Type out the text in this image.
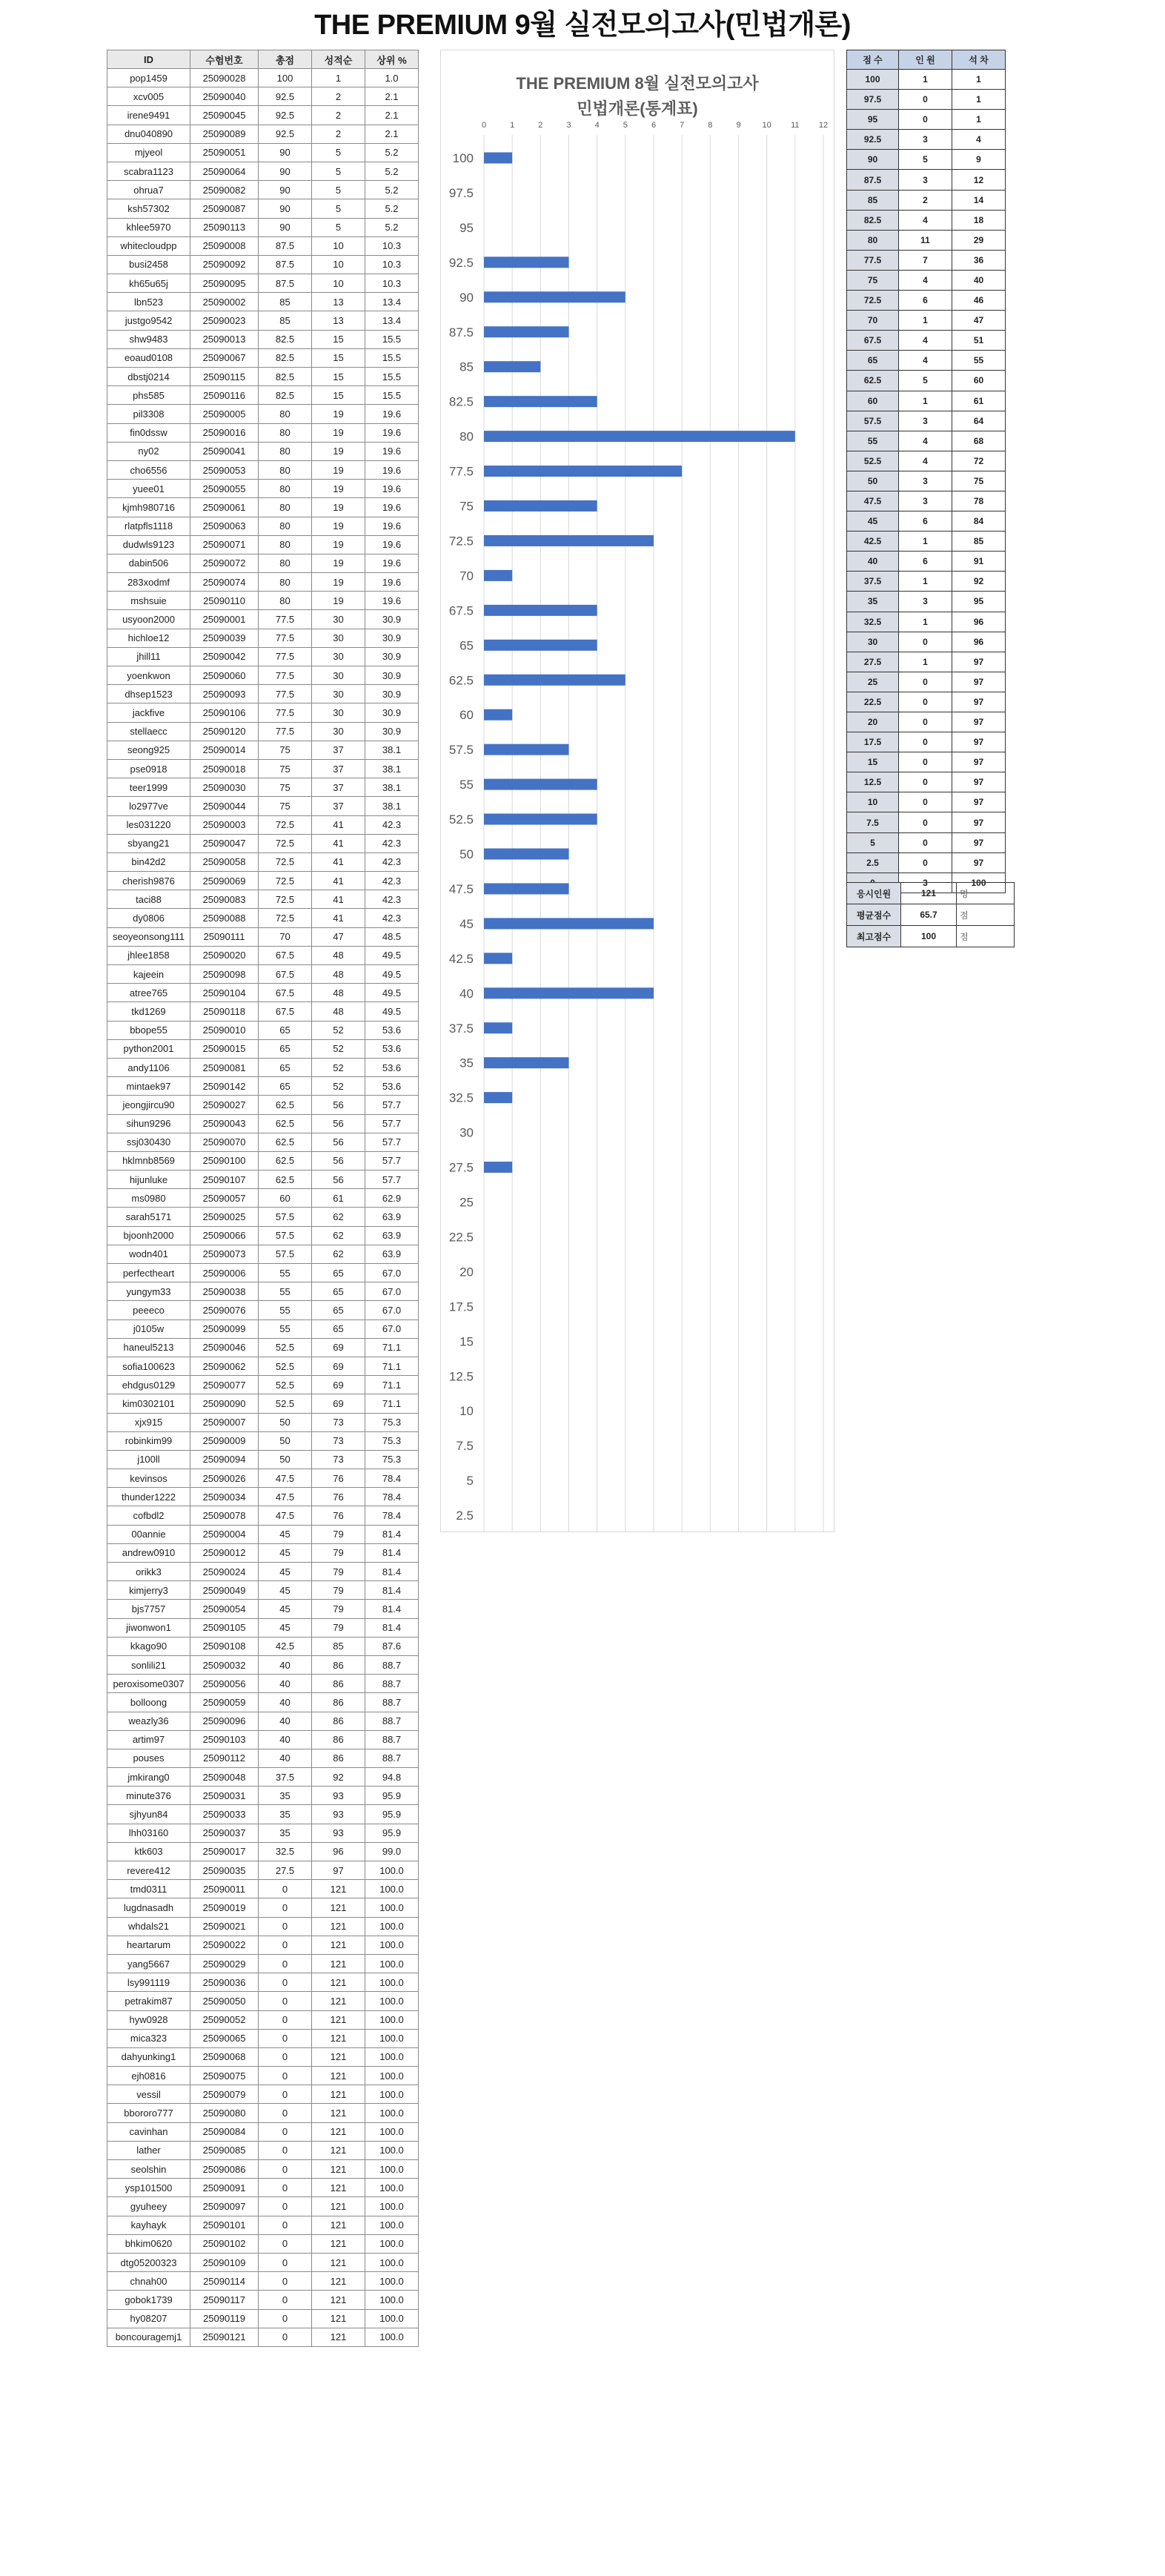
THE PREMIUM 9월 실전모의고사(민법개론)
ID	수험번호	총점	성적순	상위 %
pop1459	25090028	100	1	1.0
xcv005	25090040	92.5	2	2.1
irene9491	25090045	92.5	2	2.1
dnu040890	25090089	92.5	2	2.1
mjyeol	25090051	90	5	5.2
scabra1123	25090064	90	5	5.2
ohrua7	25090082	90	5	5.2
ksh57302	25090087	90	5	5.2
khlee5970	25090113	90	5	5.2
whitecloudpp	25090008	87.5	10	10.3
busi2458	25090092	87.5	10	10.3
kh65u65j	25090095	87.5	10	10.3
lbn523	25090002	85	13	13.4
justgo9542	25090023	85	13	13.4
shw9483	25090013	82.5	15	15.5
eoaud0108	25090067	82.5	15	15.5
dbstj0214	25090115	82.5	15	15.5
phs585	25090116	82.5	15	15.5
pil3308	25090005	80	19	19.6
fin0dssw	25090016	80	19	19.6
ny02	25090041	80	19	19.6
cho6556	25090053	80	19	19.6
yuee01	25090055	80	19	19.6
kjmh980716	25090061	80	19	19.6
rlatpfls1118	25090063	80	19	19.6
dudwls9123	25090071	80	19	19.6
dabin506	25090072	80	19	19.6
283xodmf	25090074	80	19	19.6
mshsuie	25090110	80	19	19.6
usyoon2000	25090001	77.5	30	30.9
hichloe12	25090039	77.5	30	30.9
jhill11	25090042	77.5	30	30.9
yoenkwon	25090060	77.5	30	30.9
dhsep1523	25090093	77.5	30	30.9
jackfive	25090106	77.5	30	30.9
stellaecc	25090120	77.5	30	30.9
seong925	25090014	75	37	38.1
pse0918	25090018	75	37	38.1
teer1999	25090030	75	37	38.1
lo2977ve	25090044	75	37	38.1
les031220	25090003	72.5	41	42.3
sbyang21	25090047	72.5	41	42.3
bin42d2	25090058	72.5	41	42.3
cherish9876	25090069	72.5	41	42.3
taci88	25090083	72.5	41	42.3
dy0806	25090088	72.5	41	42.3
seoyeonsong111	25090111	70	47	48.5
jhlee1858	25090020	67.5	48	49.5
kajeein	25090098	67.5	48	49.5
atree765	25090104	67.5	48	49.5
tkd1269	25090118	67.5	48	49.5
bbope55	25090010	65	52	53.6
python2001	25090015	65	52	53.6
andy1106	25090081	65	52	53.6
mintaek97	25090142	65	52	53.6
jeongjircu90	25090027	62.5	56	57.7
sihun9296	25090043	62.5	56	57.7
ssj030430	25090070	62.5	56	57.7
hklmnb8569	25090100	62.5	56	57.7
hijunluke	25090107	62.5	56	57.7
ms0980	25090057	60	61	62.9
sarah5171	25090025	57.5	62	63.9
bjoonh2000	25090066	57.5	62	63.9
wodn401	25090073	57.5	62	63.9
perfectheart	25090006	55	65	67.0
yungym33	25090038	55	65	67.0
peeeco	25090076	55	65	67.0
j0105w	25090099	55	65	67.0
haneul5213	25090046	52.5	69	71.1
sofia100623	25090062	52.5	69	71.1
ehdgus0129	25090077	52.5	69	71.1
kim0302101	25090090	52.5	69	71.1
xjx915	25090007	50	73	75.3
robinkim99	25090009	50	73	75.3
j100ll	25090094	50	73	75.3
kevinsos	25090026	47.5	76	78.4
thunder1222	25090034	47.5	76	78.4
cofbdl2	25090078	47.5	76	78.4
00annie	25090004	45	79	81.4
andrew0910	25090012	45	79	81.4
orikk3	25090024	45	79	81.4
kimjerry3	25090049	45	79	81.4
bjs7757	25090054	45	79	81.4
jiwonwon1	25090105	45	79	81.4
kkago90	25090108	42.5	85	87.6
sonlili21	25090032	40	86	88.7
peroxisome0307	25090056	40	86	88.7
bolloong	25090059	40	86	88.7
weazly36	25090096	40	86	88.7
artim97	25090103	40	86	88.7
pouses	25090112	40	86	88.7
jmkirang0	25090048	37.5	92	94.8
minute376	25090031	35	93	95.9
sjhyun84	25090033	35	93	95.9
lhh03160	25090037	35	93	95.9
ktk603	25090017	32.5	96	99.0
revere412	25090035	27.5	97	100.0
tmd0311	25090011	0	121	100.0
lugdnasadh	25090019	0	121	100.0
whdals21	25090021	0	121	100.0
heartarum	25090022	0	121	100.0
yang5667	25090029	0	121	100.0
lsy991119	25090036	0	121	100.0
petrakim87	25090050	0	121	100.0
hyw0928	25090052	0	121	100.0
mica323	25090065	0	121	100.0
dahyunking1	25090068	0	121	100.0
ejh0816	25090075	0	121	100.0
vessil	25090079	0	121	100.0
bbororo777	25090080	0	121	100.0
cavinhan	25090084	0	121	100.0
lather	25090085	0	121	100.0
seolshin	25090086	0	121	100.0
ysp101500	25090091	0	121	100.0
gyuheey	25090097	0	121	100.0
kayhayk	25090101	0	121	100.0
bhkim0620	25090102	0	121	100.0
dtg05200323	25090109	0	121	100.0
chnah00	25090114	0	121	100.0
gobok1739	25090117	0	121	100.0
hy08207	25090119	0	121	100.0
boncouragemj1	25090121	0	121	100.0
THE PREMIUM 8월 실전모의고사
민법개론(통계표)
0	1	2	3	4	5	6	7	8	9	10 11 12
100
97.5
95
92.5
90
87.5
85
82.5
80
77.5
75
72.5
70
67.5
65
62.5
60
57.5
55
52.5
50
47.5
45
42.5
40
37.5
35
32.5
30
27.5
25
22.5
20
17.5
15
12.5
10
7.5
5
2.5
점 수	인 원	석 차
100	1	1
97.5	0	1
95	0	1
92.5	3	4
90	5	9
87.5	3	12
85	2	14
82.5	4	18
80	11	29
77.5	7	36
75	4	40
72.5	6	46
70	1	47
67.5	4	51
65	4	55
62.5	5	60
60	1	61
57.5	3	64
55	4	68
52.5	4	72
50	3	75
47.5	3	78
45	6	84
42.5	1	85
40	6	91
37.5	1	92
35	3	95
32.5	1	96
30	0	96
27.5	1	97
25	0	97
22.5	0	97
20	0	97
17.5	0	97
15	0	97
12.5	0	97
10	0	97
7.5	0	97
5	0	97
2.5	0	97
	3	100
응시인원	121	명
평균점수	65.7	점
최고점수	100	점
